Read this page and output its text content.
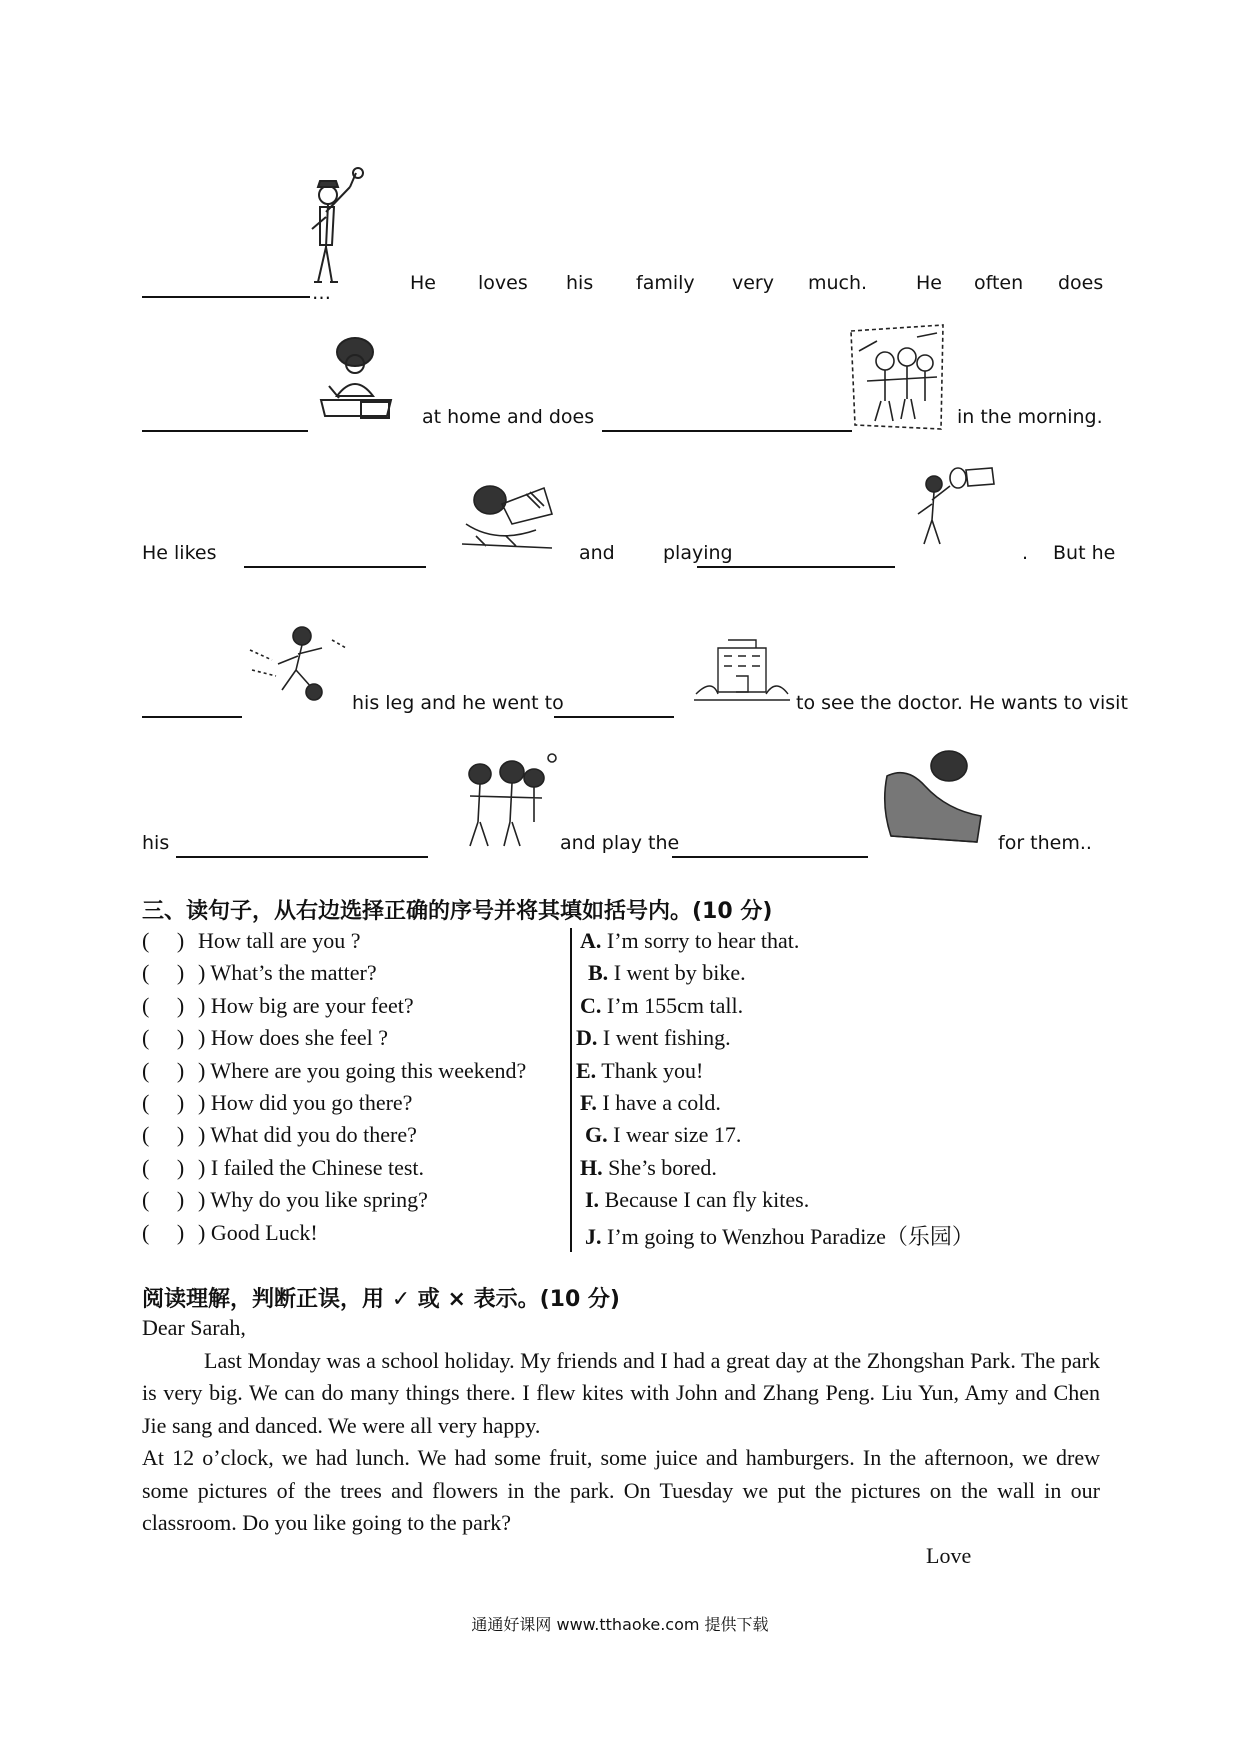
…	He loves his family very much.	He often does
at home and does	in the morning.
He likes	and	playing	. But he
his leg and he went to	to see the doctor. He wants to visit
his	and play the	for them..
三、读句子，从右边选择正确的序号并将其填如括号内。(10 分)
(     ) How tall are you ?	A. I’m sorry to hear that.
(     ) ) What’s the matter?	B. I went by bike.
(     ) ) How big are your feet?	C. I’m 155cm tall.
(     ) ) How does she feel ?	D. I went fishing.
(     ) ) Where are you going this weekend? E. Thank you!
(     ) ) How did you go there?	F. I have a cold.
(     ) ) What did you do there?	G. I wear size 17.
(     ) ) I failed the Chinese test.	H. She’s bored.
(     ) ) Why do you like spring?	I. Because I can fly kites.
(     ) ) Good Luck!	J. I’m going to Wenzhou Paradize（乐园）
阅读理解，判断正误，用 ✓ 或 × 表示。(10 分)
Dear Sarah,
Last Monday was a school holiday. My friends and I had a great day at the Zhongshan Park. The park is very big. We can do many things there. I flew kites with John and Zhang Peng. Liu Yun, Amy and Chen Jie sang and danced. We were all very happy.
At 12 o’clock, we had lunch. We had some fruit, some juice and hamburgers. In the afternoon, we drew some pictures of the trees and flowers in the park. On Tuesday we put the pictures on the wall in our classroom. Do you like going to the park?
Love
通通好课网 www.tthaoke.com 提供下载
